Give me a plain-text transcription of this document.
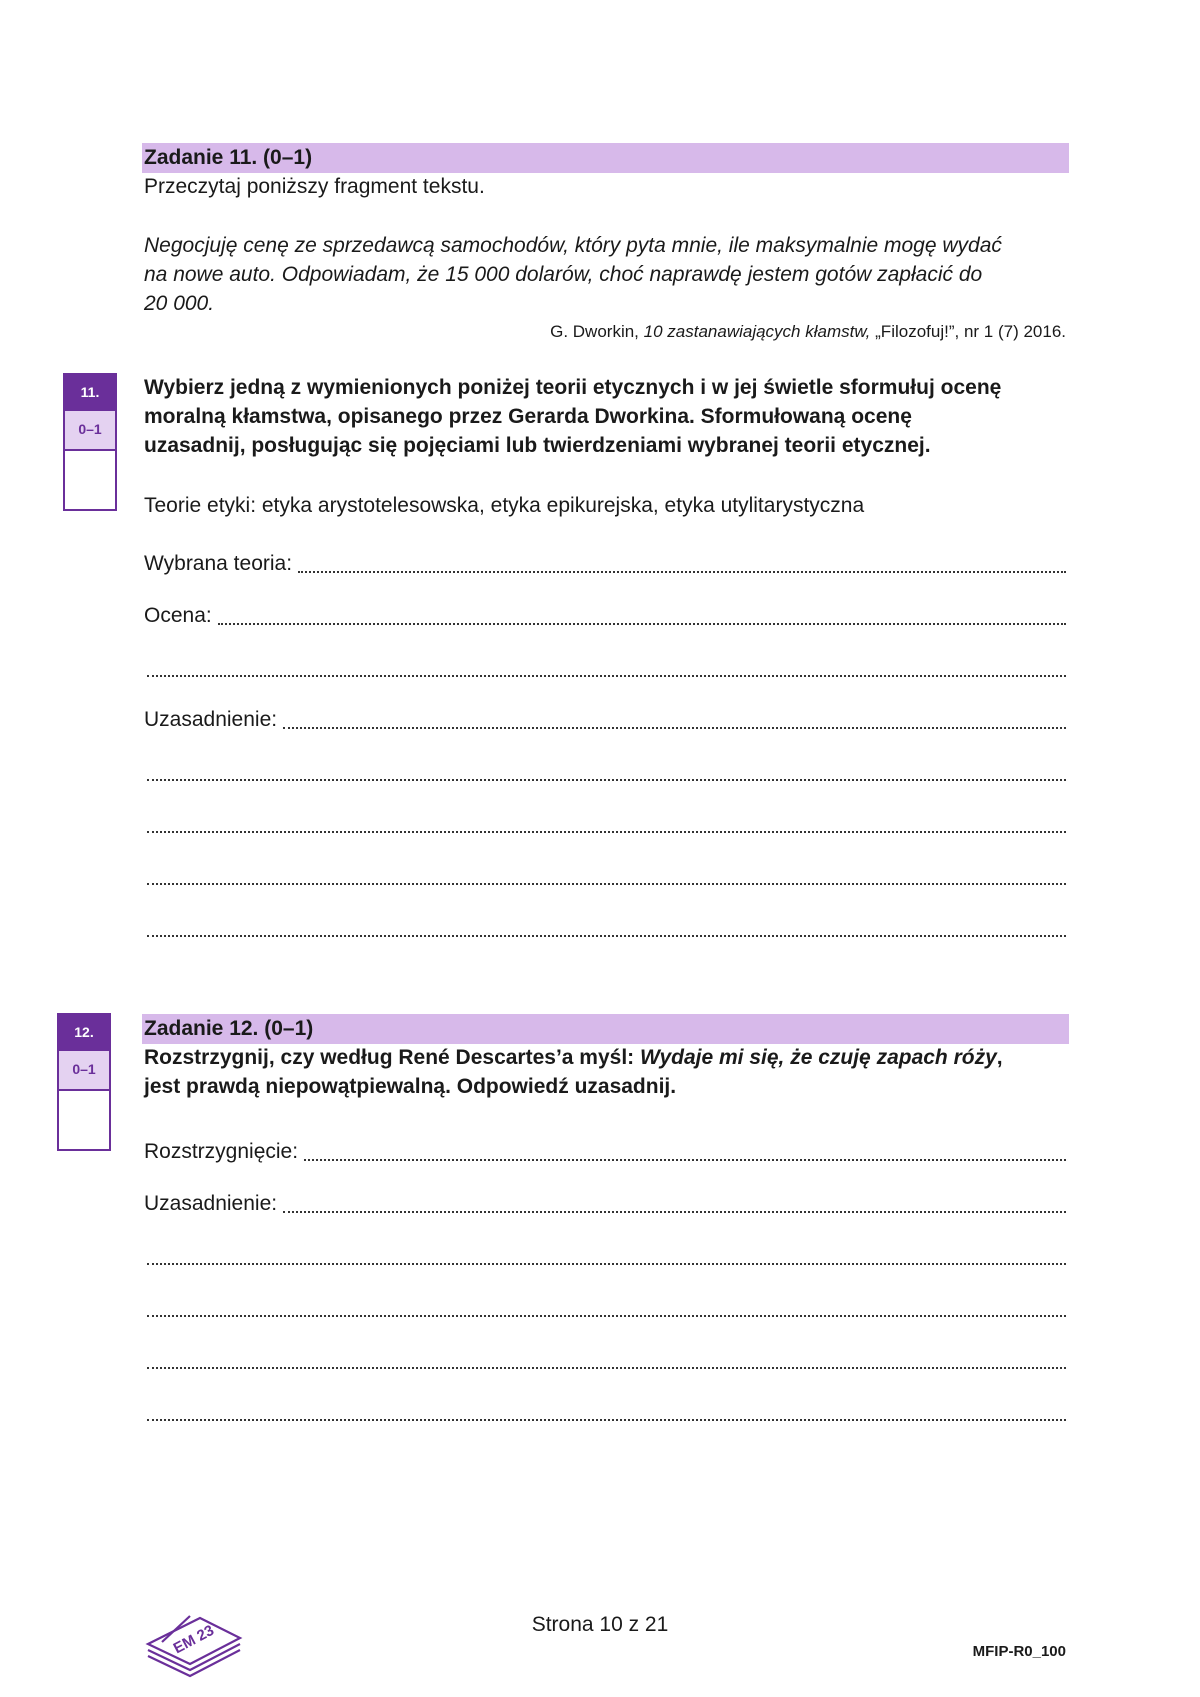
Zadanie 11. (0–1)
Przeczytaj poniższy fragment tekstu.
Negocjuję cenę ze sprzedawcą samochodów, który pyta mnie, ile maksymalnie mogę wydać
na nowe auto. Odpowiadam, że 15 000 dolarów, choć naprawdę jestem gotów zapłacić do
20 000.
G. Dworkin, 10 zastanawiających kłamstw, „Filozofuj!”, nr 1 (7) 2016.
11.
0–1
Wybierz jedną z wymienionych poniżej teorii etycznych i w jej świetle sformułuj ocenę
moralną kłamstwa, opisanego przez Gerarda Dworkina. Sformułowaną ocenę
uzasadnij, posługując się pojęciami lub twierdzeniami wybranej teorii etycznej.
Teorie etyki: etyka arystotelesowska, etyka epikurejska, etyka utylitarystyczna
Wybrana teoria:
Ocena:
Uzasadnienie:
12.
0–1
Zadanie 12. (0–1)
Rozstrzygnij, czy według René Descartes’a myśl: Wydaje mi się, że czuję zapach róży,
jest prawdą niepowątpiewalną. Odpowiedź uzasadnij.
Rozstrzygnięcie:
Uzasadnienie:
EM 23	Strona 10 z 21
MFIP-R0_100
